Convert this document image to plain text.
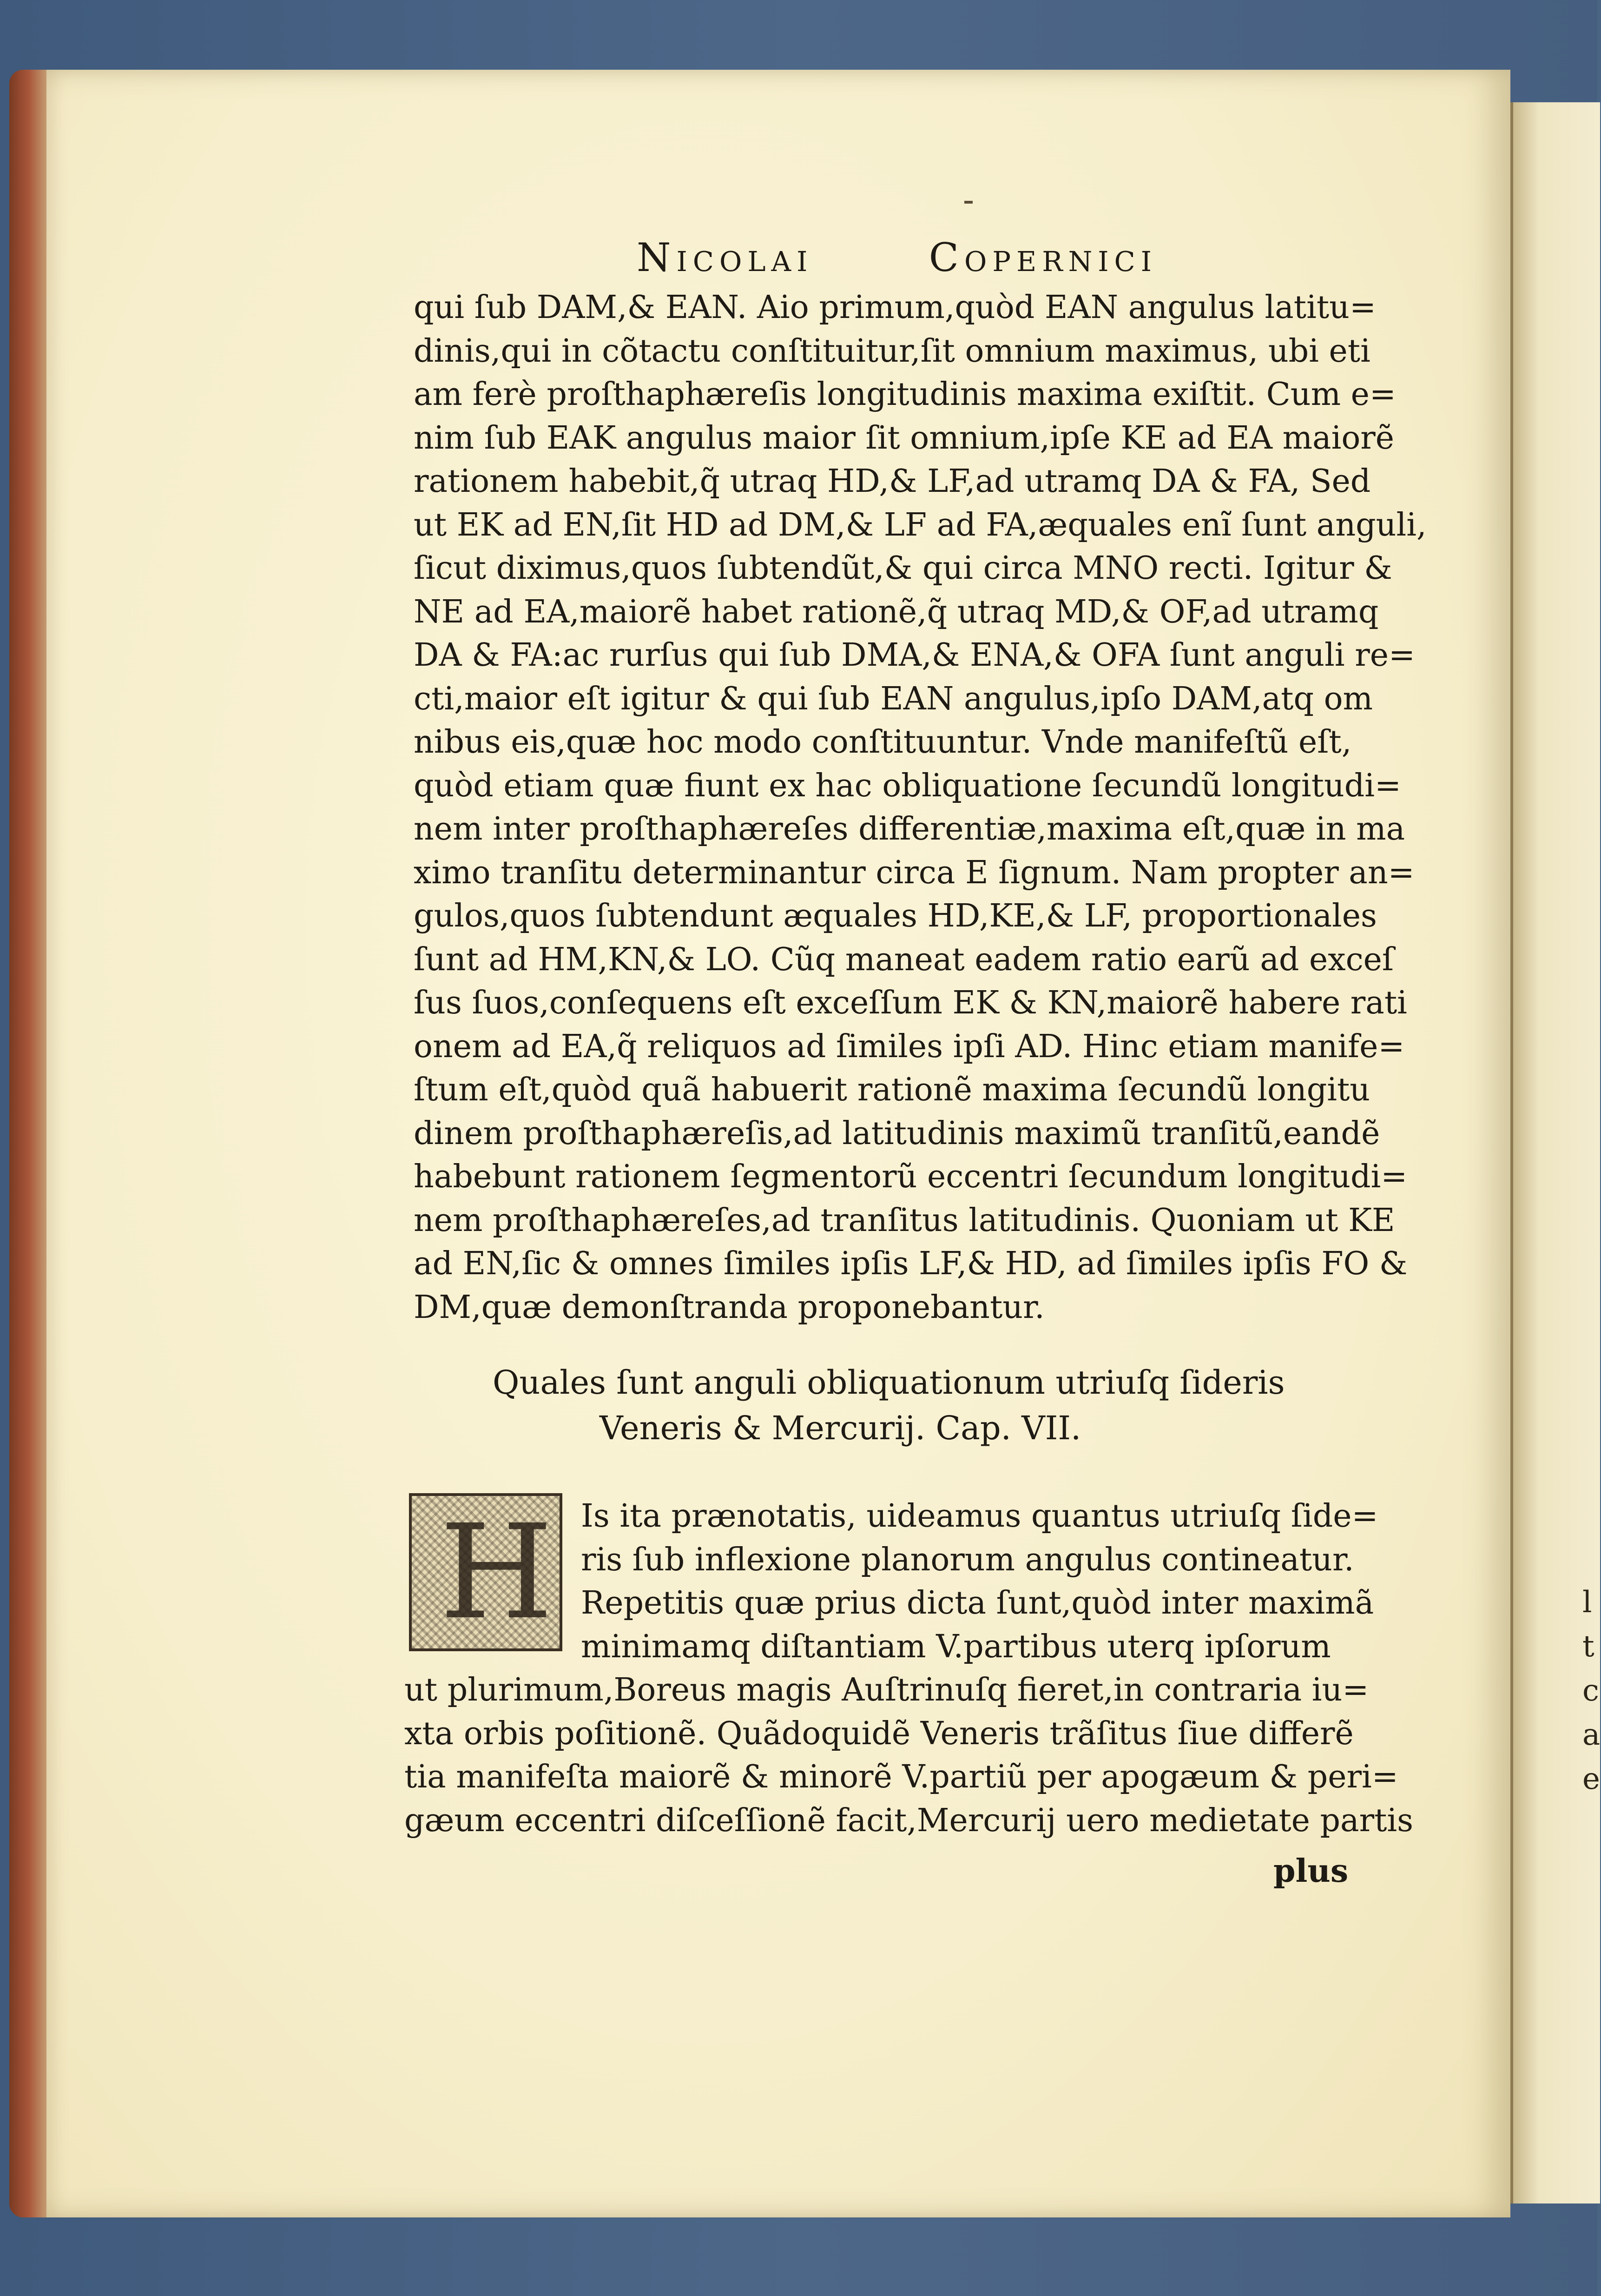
l
t
c
a
e
Nicolai	Copernici
qui ſub DAM,& EAN. Aio primum,quòd EAN angulus latitu=
dinis,qui in cõtactu conſtituitur,ſit omnium maximus, ubi eti
am ferè proſthaphæreſis longitudinis maxima exiſtit. Cum e=
nim ſub EAK angulus maior ſit omnium,ipſe KE ad EA maiorẽ
rationem habebit,q̃ utraq HD,& LF,ad utramq DA & FA, Sed
ut EK ad EN,ſit HD ad DM,& LF ad FA,æquales enĩ ſunt anguli,
ſicut diximus,quos ſubtendũt,& qui circa MNO recti. Igitur &
NE ad EA,maiorẽ habet rationẽ,q̃ utraq MD,& OF,ad utramq
DA & FA:ac rurſus qui ſub DMA,& ENA,& OFA ſunt anguli re=
cti,maior eſt igitur & qui ſub EAN angulus,ipſo DAM,atq om
nibus eis,quæ hoc modo conſtituuntur. Vnde manifeſtũ eſt,
quòd etiam quæ fiunt ex hac obliquatione ſecundũ longitudi=
nem inter proſthaphæreſes differentiæ,maxima eſt,quæ in ma
ximo tranſitu determinantur circa E ſignum. Nam propter an=
gulos,quos ſubtendunt æquales HD,KE,& LF, proportionales
ſunt ad HM,KN,& LO. Cũq maneat eadem ratio earũ ad exceſ
ſus ſuos,conſequens eſt exceſſum EK & KN,maiorẽ habere rati
onem ad EA,q̃ reliquos ad ſimiles ipſi AD. Hinc etiam manife=
ſtum eſt,quòd quã habuerit rationẽ maxima ſecundũ longitu
dinem proſthaphæreſis,ad latitudinis maximũ tranſitũ,eandẽ
habebunt rationem ſegmentorũ eccentri ſecundum longitudi=
nem proſthaphæreſes,ad tranſitus latitudinis. Quoniam ut KE
ad EN,ſic & omnes ſimiles ipſis LF,& HD, ad ſimiles ipſis FO &
DM,quæ demonſtranda proponebantur.
Quales ſunt anguli obliquationum utriuſq ſideris
Veneris & Mercurij. Cap. VII.
H Is ita prænotatis, uideamus quantus utriuſq ſide=
ris ſub inflexione planorum angulus contineatur.
Repetitis quæ prius dicta ſunt,quòd inter maximã
minimamq diſtantiam V.partibus uterq ipſorum
ut plurimum,Boreus magis Auſtrinuſq fieret,in contraria iu=
xta orbis poſitionẽ. Quãdoquidẽ Veneris trãſitus ſiue differẽ
tia manifeſta maiorẽ & minorẽ V.partiũ per apogæum & peri=
gæum eccentri diſceſſionẽ facit,Mercurij uero medietate partis
plus
